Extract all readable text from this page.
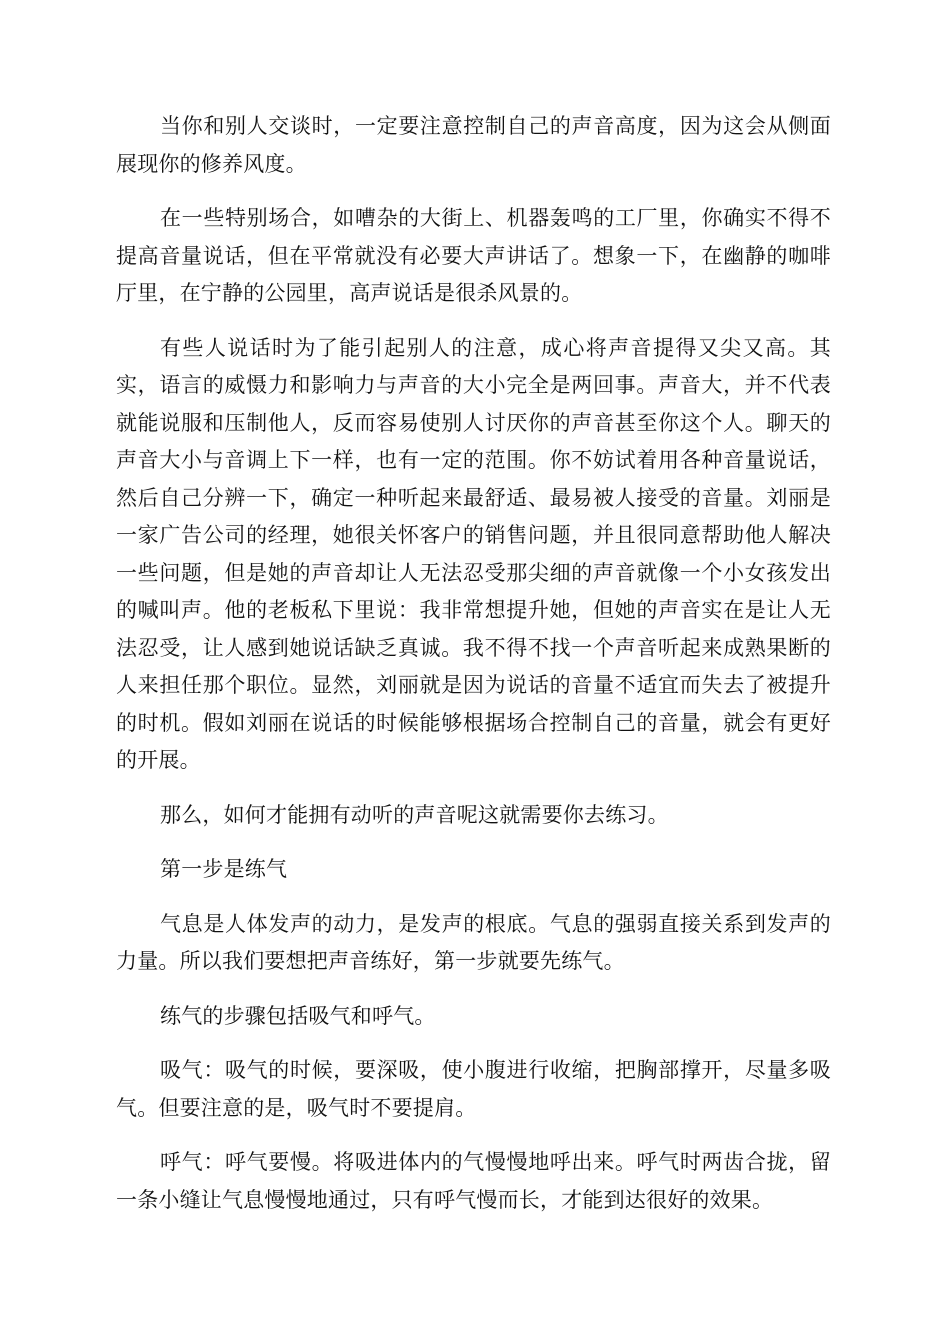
当你和别人交谈时，一定要注意控制自己的声音高度，因为这会从侧面展现你的修养风度。

在一些特别场合，如嘈杂的大街上、机器轰鸣的工厂里，你确实不得不提高音量说话，但在平常就没有必要大声讲话了。想象一下，在幽静的咖啡厅里，在宁静的公园里，高声说话是很杀风景的。

有些人说话时为了能引起别人的注意，成心将声音提得又尖又高。其实，语言的威慑力和影响力与声音的大小完全是两回事。声音大，并不代表就能说服和压制他人，反而容易使别人讨厌你的声音甚至你这个人。聊天的声音大小与音调上下一样，也有一定的范围。你不妨试着用各种音量说话，然后自己分辨一下，确定一种听起来最舒适、最易被人接受的音量。刘丽是一家广告公司的经理，她很关怀客户的销售问题，并且很同意帮助他人解决一些问题，但是她的声音却让人无法忍受那尖细的声音就像一个小女孩发出的喊叫声。他的老板私下里说：我非常想提升她，但她的声音实在是让人无法忍受，让人感到她说话缺乏真诚。我不得不找一个声音听起来成熟果断的人来担任那个职位。显然，刘丽就是因为说话的音量不适宜而失去了被提升的时机。假如刘丽在说话的时候能够根据场合控制自己的音量，就会有更好的开展。

那么，如何才能拥有动听的声音呢这就需要你去练习。

第一步是练气

气息是人体发声的动力，是发声的根底。气息的强弱直接关系到发声的力量。所以我们要想把声音练好，第一步就要先练气。

练气的步骤包括吸气和呼气。

吸气：吸气的时候，要深吸，使小腹进行收缩，把胸部撑开，尽量多吸气。但要注意的是，吸气时不要提肩。

呼气：呼气要慢。将吸进体内的气慢慢地呼出来。呼气时两齿合拢，留一条小缝让气息慢慢地通过，只有呼气慢而长，才能到达很好的效果。
